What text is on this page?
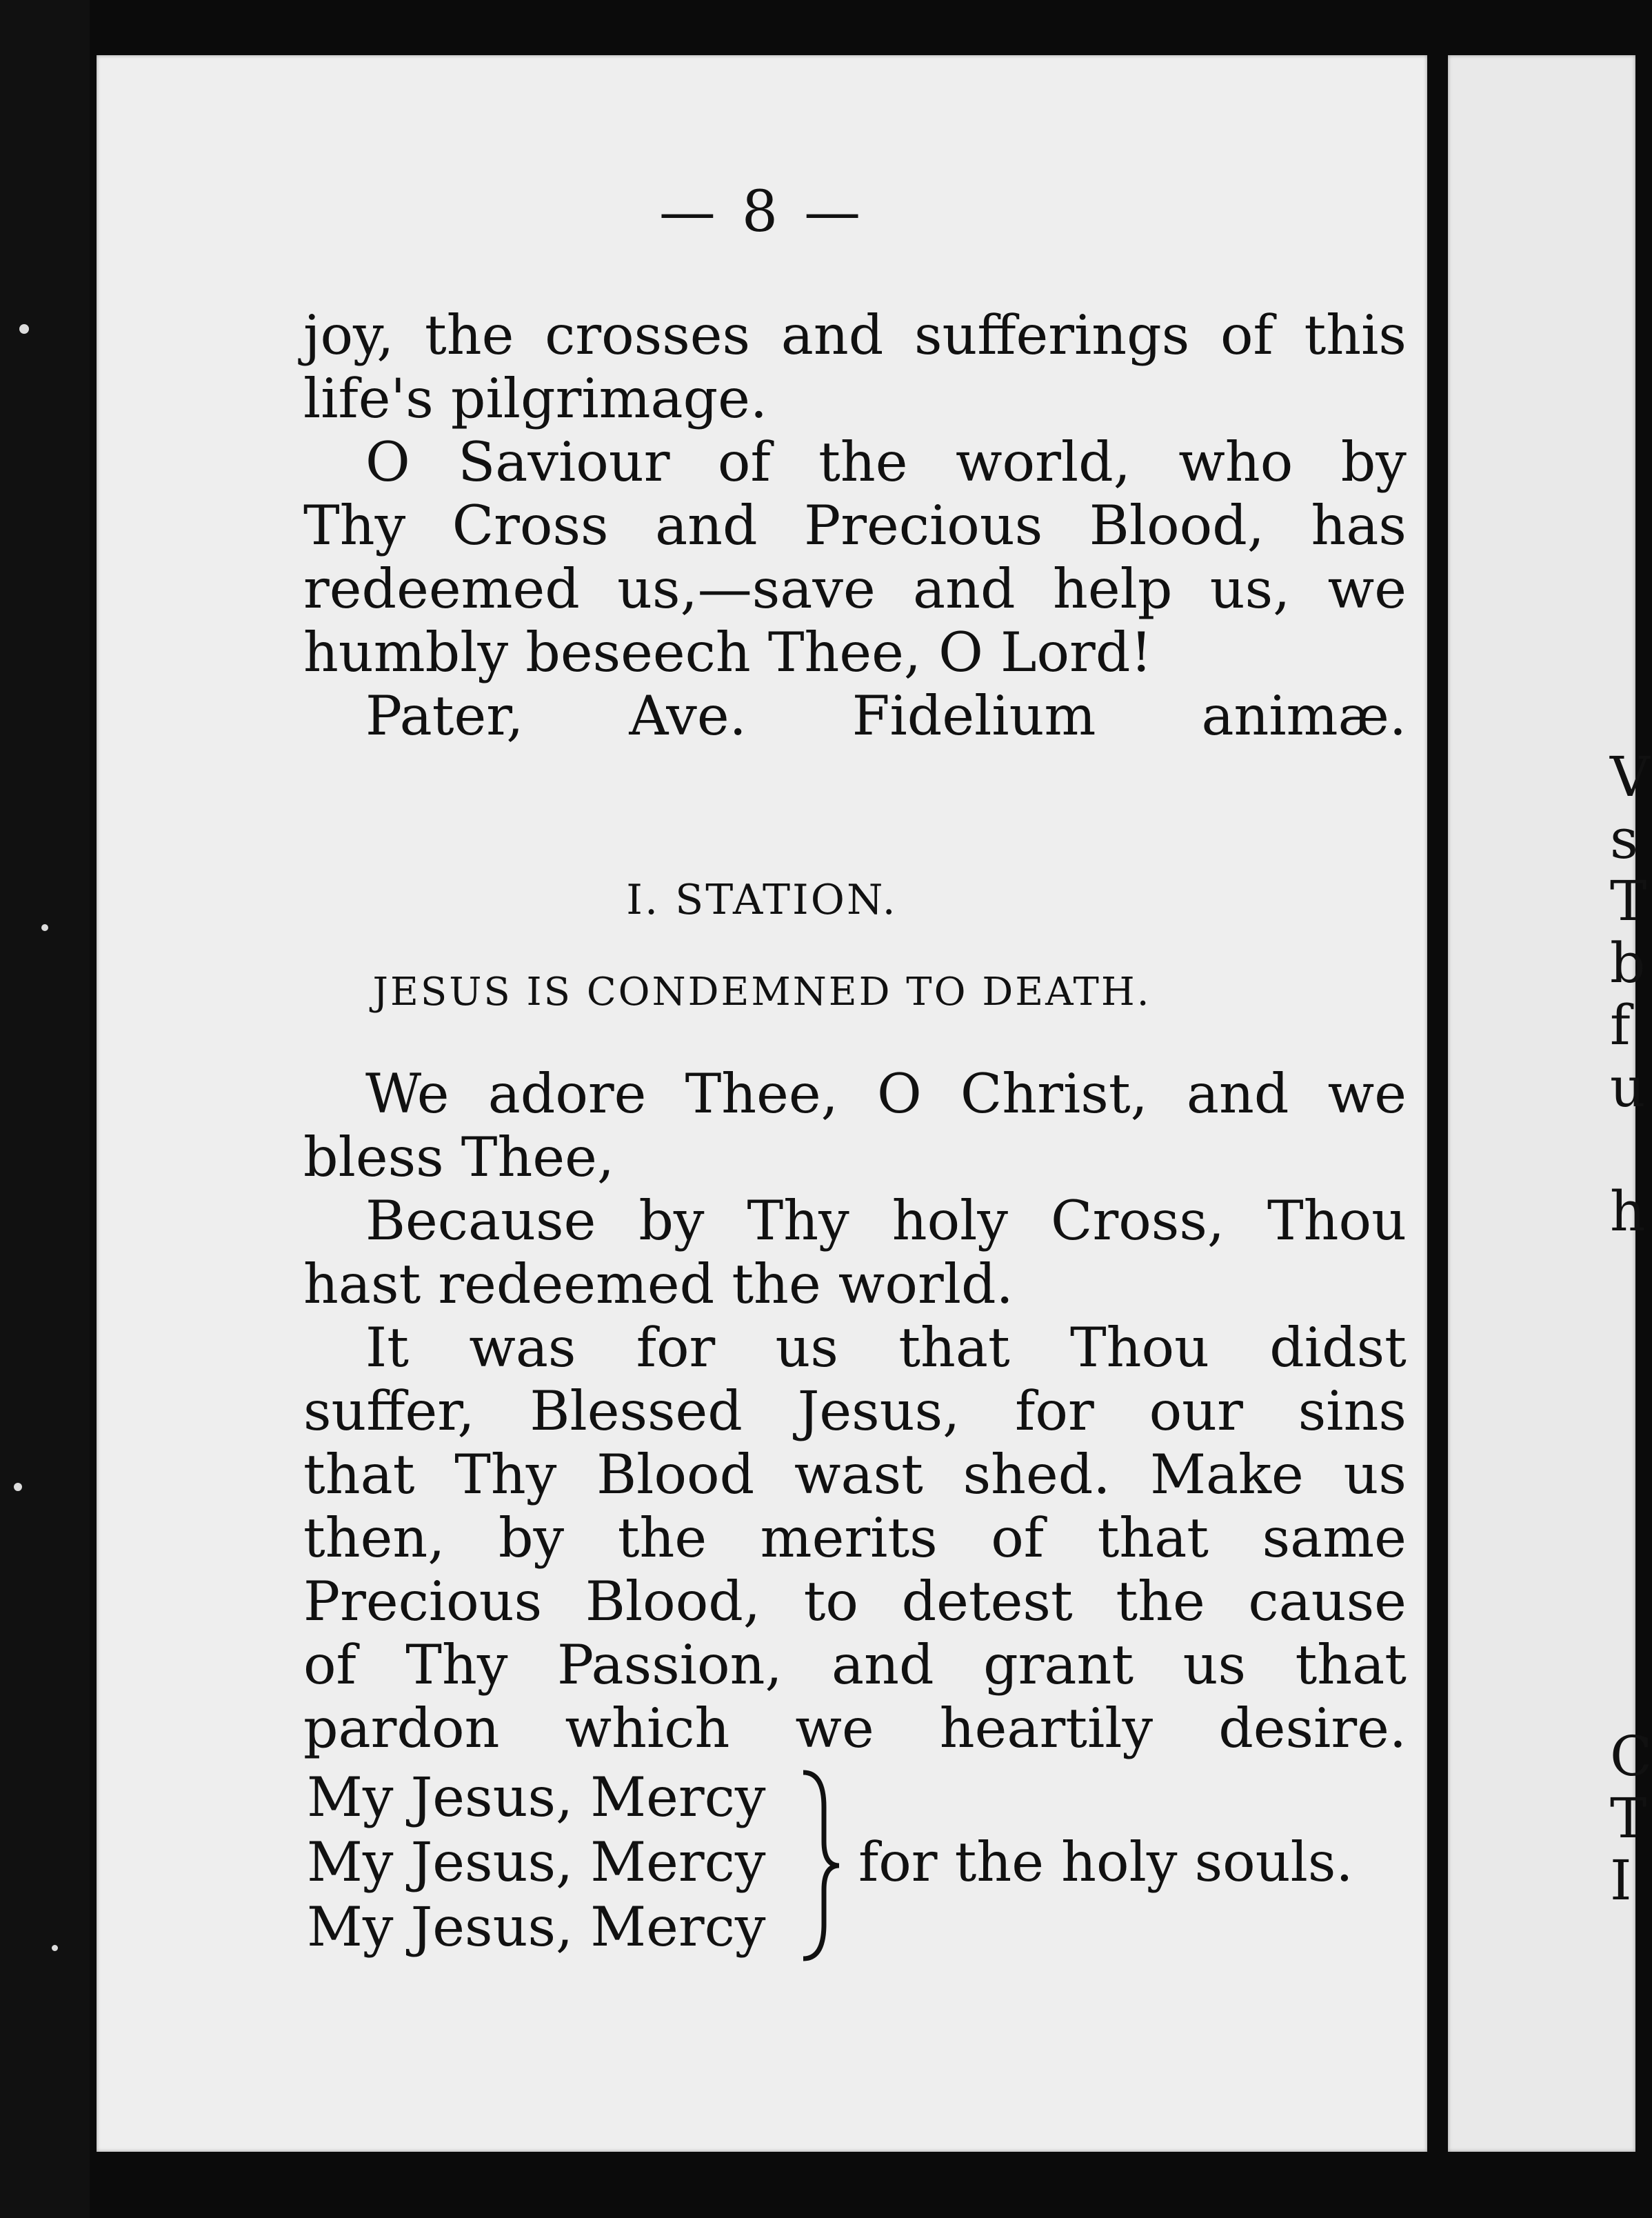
— 8 —
joy, the crosses and sufferings of this
life's pilgrimage.
O Saviour of the world, who by
Thy Cross and Precious Blood, has
redeemed us,—save and help us, we
humbly beseech Thee, O Lord!
Pater, Ave. Fidelium animæ.
I. STATION.
JESUS IS CONDEMNED TO DEATH.
We adore Thee, O Christ, and we
bless Thee,
Because by Thy holy Cross, Thou
hast redeemed the world.
It was for us that Thou didst
suffer, Blessed Jesus, for our sins
that Thy Blood wast shed. Make us
then, by the merits of that same
Precious Blood, to detest the cause
of Thy Passion, and grant us that
pardon which we heartily desire.
My Jesus, Mercy
My Jesus, Mercy
My Jesus, Mercy
for the holy souls.
V
s
T
b
f
u
h
C
T
I
